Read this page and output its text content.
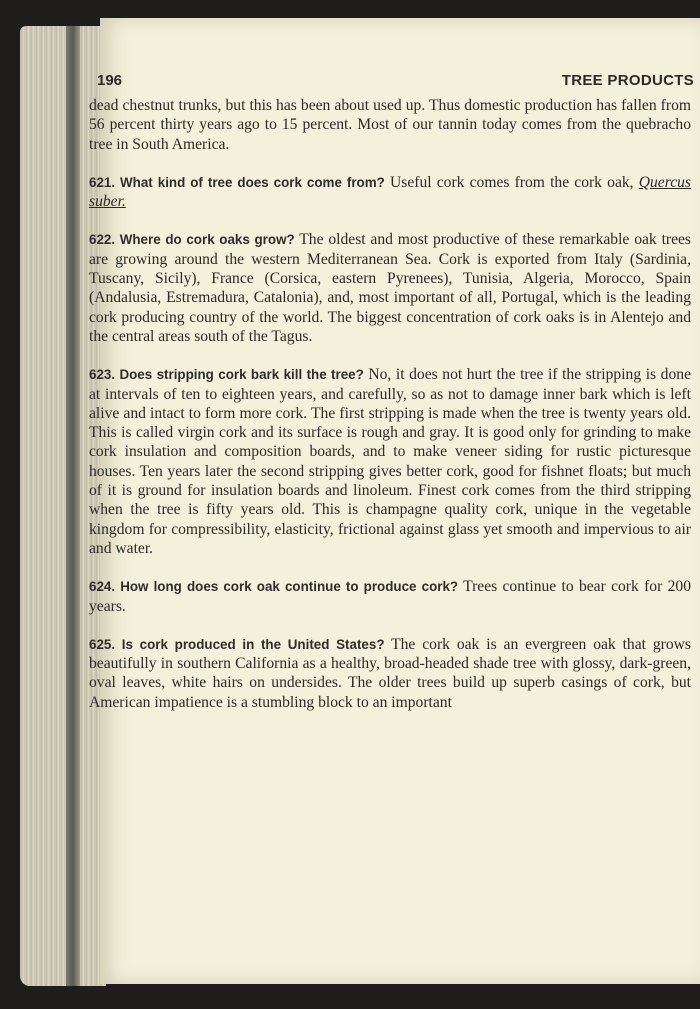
196	TREE PRODUCTS

dead chestnut trunks, but this has been about used up. Thus domestic production has fallen from 56 percent thirty years ago to 15 percent. Most of our tannin today comes from the quebracho tree in South America.

621. What kind of tree does cork come from? Useful cork comes from the cork oak, Quercus suber.

622. Where do cork oaks grow? The oldest and most productive of these remarkable oak trees are growing around the western Mediterranean Sea. Cork is exported from Italy (Sardinia, Tuscany, Sicily), France (Corsica, eastern Pyrenees), Tunisia, Algeria, Morocco, Spain (Andalusia, Estremadura, Catalonia), and, most important of all, Portugal, which is the leading cork producing country of the world. The biggest concentration of cork oaks is in Alentejo and the central areas south of the Tagus.

623. Does stripping cork bark kill the tree? No, it does not hurt the tree if the stripping is done at intervals of ten to eighteen years, and carefully, so as not to damage inner bark which is left alive and intact to form more cork. The first stripping is made when the tree is twenty years old. This is called virgin cork and its surface is rough and gray. It is good only for grinding to make cork insulation and composition boards, and to make veneer siding for rustic picturesque houses. Ten years later the second stripping gives better cork, good for fishnet floats; but much of it is ground for insulation boards and linoleum. Finest cork comes from the third stripping when the tree is fifty years old. This is champagne quality cork, unique in the vegetable kingdom for compressibility, elasticity, frictional against glass yet smooth and impervious to air and water.

624. How long does cork oak continue to produce cork? Trees continue to bear cork for 200 years.

625. Is cork produced in the United States? The cork oak is an evergreen oak that grows beautifully in southern California as a healthy, broad-headed shade tree with glossy, dark-green, oval leaves, white hairs on undersides. The older trees build up superb casings of cork, but American impatience is a stumbling block to an important
